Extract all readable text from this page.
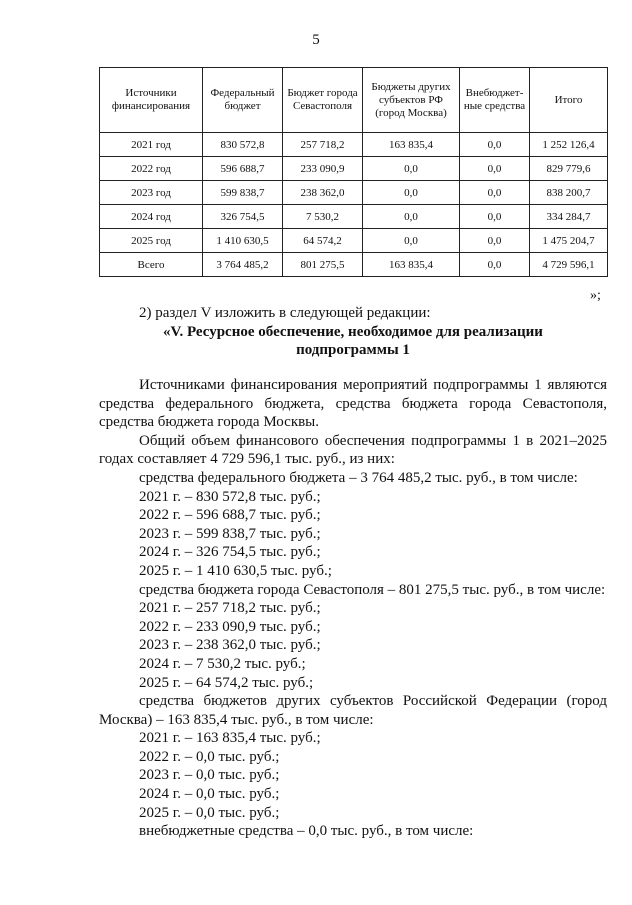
5
Источники финансирования	Федеральный бюджет	Бюджет города Севастополя	Бюджеты других субъектов РФ (город Москва)	Внебюджет-ные средства	Итого
2021 год	830 572,8	257 718,2	163 835,4	0,0	1 252 126,4
2022 год	596 688,7	233 090,9	0,0	0,0	829 779,6
2023 год	599 838,7	238 362,0	0,0	0,0	838 200,7
2024 год	326 754,5	7 530,2	0,0	0,0	334 284,7
2025 год	1 410 630,5	64 574,2	0,0	0,0	1 475 204,7
Всего	3 764 485,2	801 275,5	163 835,4	0,0	4 729 596,1
»;
2) раздел V изложить в следующей редакции:
«V. Ресурсное обеспечение, необходимое для реализации
подпрограммы 1
Источниками финансирования мероприятий подпрограммы 1 являются средства федерального бюджета, средства бюджета города Севастополя, средства бюджета города Москвы.
Общий объем финансового обеспечения подпрограммы 1 в 2021–2025 годах составляет 4 729 596,1 тыс. руб., из них:
средства федерального бюджета – 3 764 485,2 тыс. руб., в том числе:
2021 г. – 830 572,8 тыс. руб.;
2022 г. – 596 688,7 тыс. руб.;
2023 г. – 599 838,7 тыс. руб.;
2024 г. – 326 754,5 тыс. руб.;
2025 г. – 1 410 630,5 тыс. руб.;
средства бюджета города Севастополя – 801 275,5 тыс. руб., в том числе:
2021 г. – 257 718,2 тыс. руб.;
2022 г. – 233 090,9 тыс. руб.;
2023 г. – 238 362,0 тыс. руб.;
2024 г. – 7 530,2 тыс. руб.;
2025 г. – 64 574,2 тыс. руб.;
средства бюджетов других субъектов Российской Федерации (город Москва) – 163 835,4 тыс. руб., в том числе:
2021 г. – 163 835,4 тыс. руб.;
2022 г. – 0,0 тыс. руб.;
2023 г. – 0,0 тыс. руб.;
2024 г. – 0,0 тыс. руб.;
2025 г. – 0,0 тыс. руб.;
внебюджетные средства – 0,0 тыс. руб., в том числе:
